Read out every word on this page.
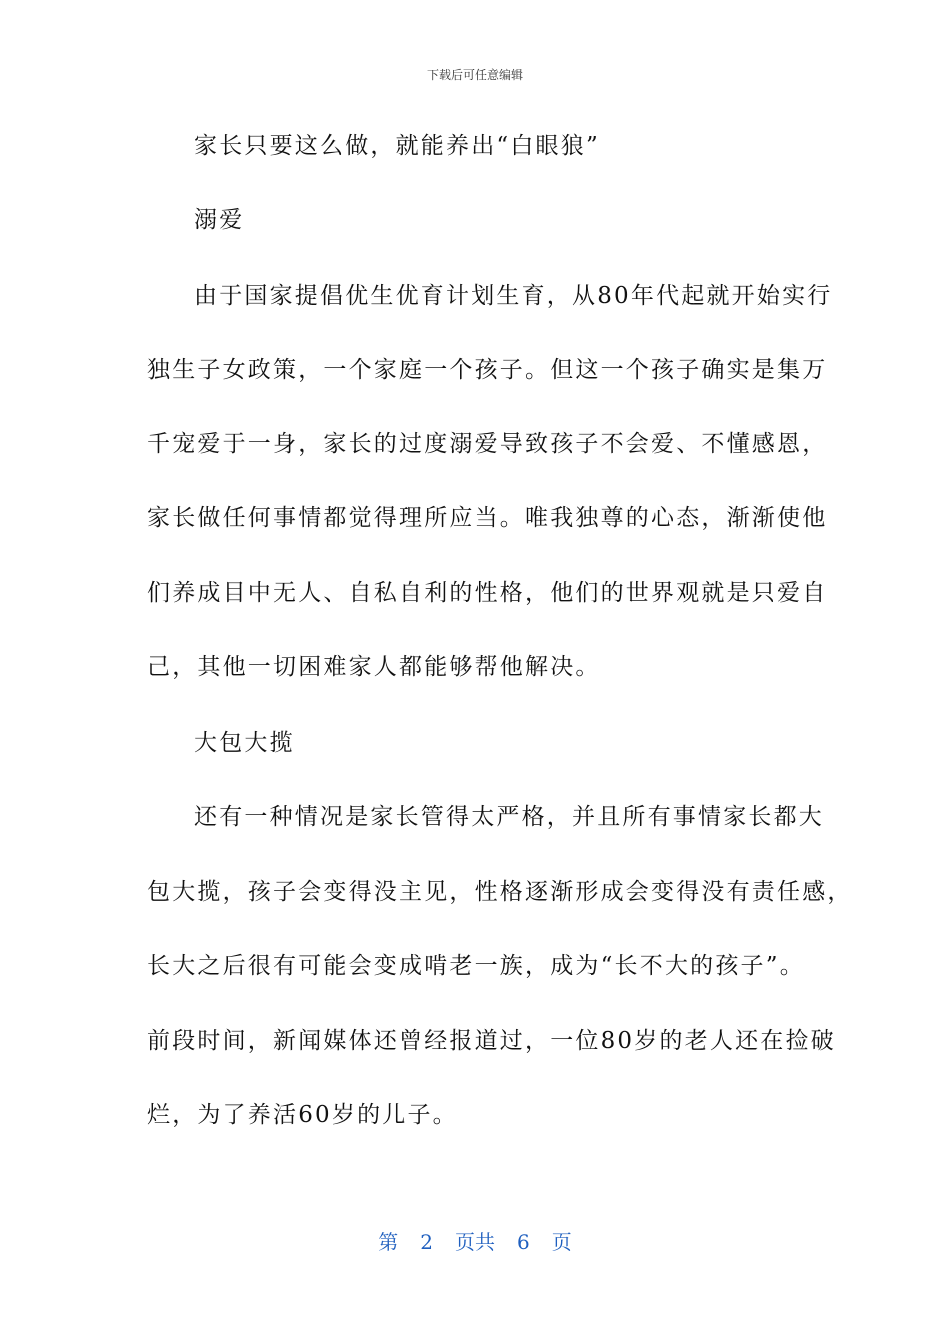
下载后可任意编辑
家长只要这么做，就能养出“白眼狼”
溺爱
由于国家提倡优生优育计划生育，从80年代起就开始实行
独生子女政策，一个家庭一个孩子。但这一个孩子确实是集万
千宠爱于一身，家长的过度溺爱导致孩子不会爱、不懂感恩，
家长做任何事情都觉得理所应当。唯我独尊的心态，渐渐使他
们养成目中无人、自私自利的性格，他们的世界观就是只爱自
己，其他一切困难家人都能够帮他解决。
大包大揽
还有一种情况是家长管得太严格，并且所有事情家长都大
包大揽，孩子会变得没主见，性格逐渐形成会变得没有责任感，
长大之后很有可能会变成啃老一族，成为“长不大的孩子”。
前段时间，新闻媒体还曾经报道过，一位80岁的老人还在捡破
烂，为了养活60岁的儿子。
第 2 页共 6 页
